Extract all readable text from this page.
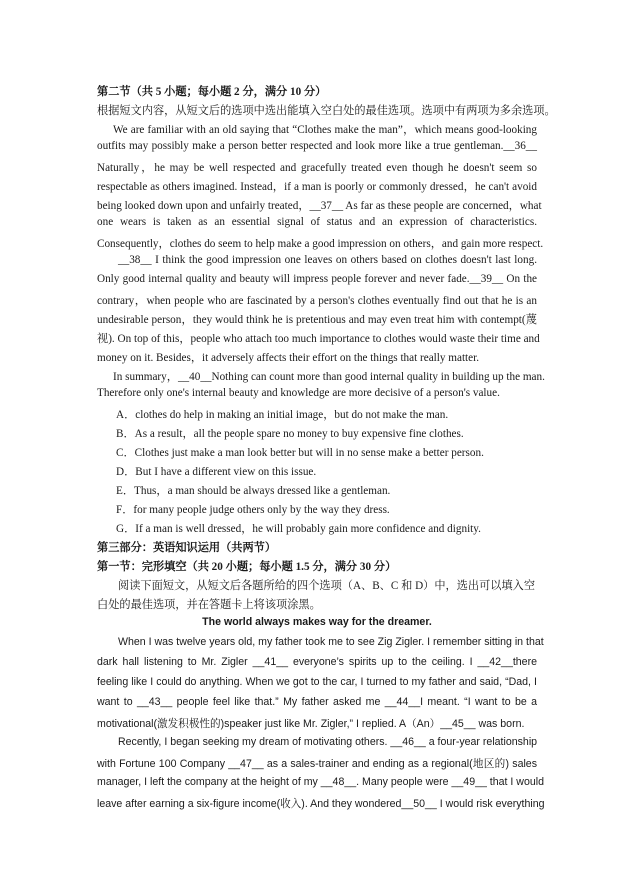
第二节（共 5 小题；每小题 2 分，满分 10 分）

根据短文内容，从短文后的选项中选出能填入空白处的最佳选项。选项中有两项为多余选项。

We are familiar with an old saying that “Clothes make the man”，which means good-looking

outfits may possibly make a person better respected and look more like a true gentleman.__36__

Naturally，he may be well respected and gracefully treated even though he doesn't seem so

respectable as others imagined. Instead，if a man is poorly or commonly dressed，he can't avoid

being looked down upon and unfairly treated，__37__ As far as these people are concerned，what

one wears is taken as an essential signal of status and an expression of characteristics.

Consequently，clothes do seem to help make a good impression on others，and gain more respect.

__38__ I think the good impression one leaves on others based on clothes doesn't last long.

Only good internal quality and beauty will impress people forever and never fade.__39__ On the

contrary，when people who are fascinated by a person's clothes eventually find out that he is an

undesirable person，they would think he is pretentious and may even treat him with contempt(蔑

视). On top of this，people who attach too much importance to clothes would waste their time and

money on it. Besides，it adversely affects their effort on the things that really matter.

In summary，__40__Nothing can count more than good internal quality in building up the man.

Therefore only one's internal beauty and knowledge are more decisive of a person's value.

A．clothes do help in making an initial image，but do not make the man.

B．As a result，all the people spare no money to buy expensive fine clothes.

C．Clothes just make a man look better but will in no sense make a better person.

D．But I have a different view on this issue.

E．Thus，a man should be always dressed like a gentleman.

F．for many people judge others only by the way they dress.

G．If a man is well dressed，he will probably gain more confidence and dignity.

第三部分：英语知识运用（共两节）

第一节：完形填空（共 20 小题；每小题 1.5 分，满分 30 分）

阅读下面短文，从短文后各题所给的四个选项（A、B、C 和 D）中，选出可以填入空

白处的最佳选项，并在答题卡上将该项涂黑。

The world always makes way for the dreamer.

When I was twelve years old, my father took me to see Zig Zigler. I remember sitting in that

dark hall listening to Mr. Zigler __41__ everyone’s spirits up to the ceiling. I __42__there

feeling like I could do anything. When we got to the car, I turned to my father and said, “Dad, I

want to __43__ people feel like that.” My father asked me __44__I meant. “I want to be a

motivational(激发积极性的)speaker just like Mr. Zigler,” I replied. A（An）__45__ was born.

Recently, I began seeking my dream of motivating others. __46__ a four-year relationship

with Fortune 100 Company __47__ as a sales-trainer and ending as a regional(地区的) sales

manager, I left the company at the height of my __48__. Many people were __49__ that I would

leave after earning a six-figure income(收入). And they wondered__50__ I would risk everything
